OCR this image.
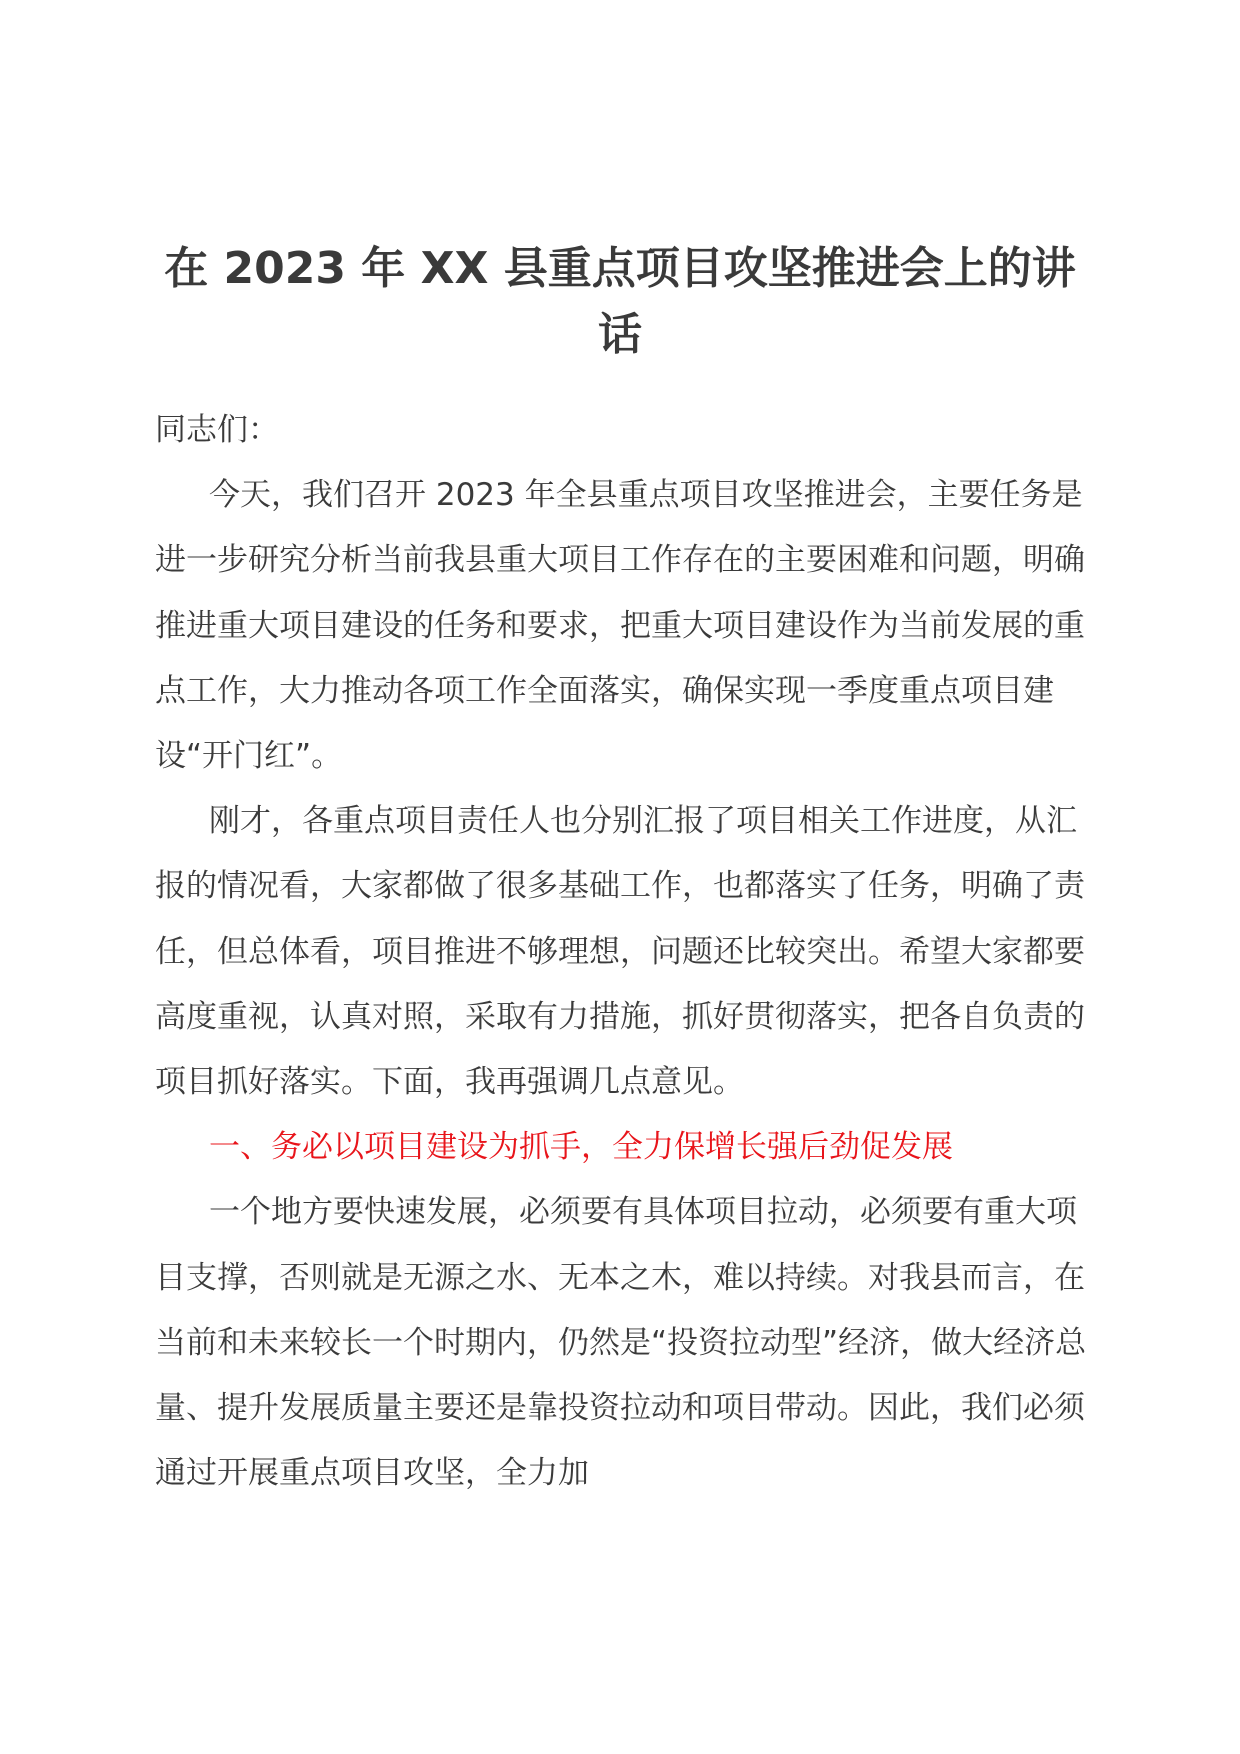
在 2023 年 XX 县重点项目攻坚推进会上的讲
话

同志们：

今天，我们召开 2023 年全县重点项目攻坚推进会，主要任务是进一步研究分析当前我县重大项目工作存在的主要困难和问题，明确推进重大项目建设的任务和要求，把重大项目建设作为当前发展的重点工作，大力推动各项工作全面落实，确保实现一季度重点项目建设“开门红”。

刚才，各重点项目责任人也分别汇报了项目相关工作进度，从汇报的情况看，大家都做了很多基础工作，也都落实了任务，明确了责任，但总体看，项目推进不够理想，问题还比较突出。希望大家都要高度重视，认真对照，采取有力措施，抓好贯彻落实，把各自负责的项目抓好落实。下面，我再强调几点意见。

一、务必以项目建设为抓手，全力保增长强后劲促发展

一个地方要快速发展，必须要有具体项目拉动，必须要有重大项目支撑，否则就是无源之水、无本之木，难以持续。对我县而言，在当前和未来较长一个时期内，仍然是“投资拉动型”经济，做大经济总量、提升发展质量主要还是靠投资拉动和项目带动。因此，我们必须通过开展重点项目攻坚，全力加
